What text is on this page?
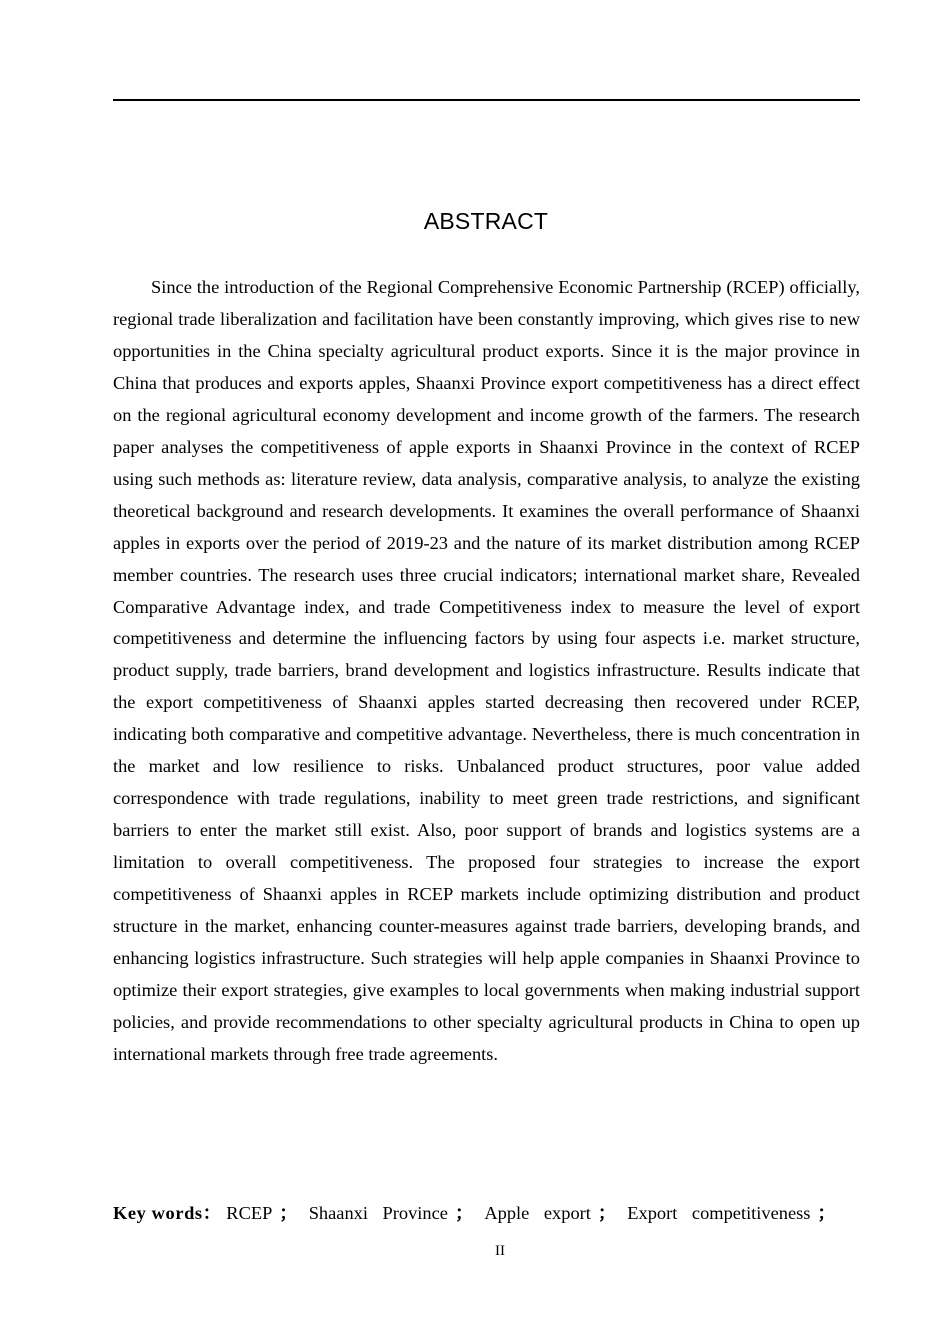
ABSTRACT

Since the introduction of the Regional Comprehensive Economic Partnership (RCEP) officially, regional trade liberalization and facilitation have been constantly improving, which gives rise to new opportunities in the China specialty agricultural product exports. Since it is the major province in China that produces and exports apples, Shaanxi Province export competitiveness has a direct effect on the regional agricultural economy development and income growth of the farmers. The research paper analyses the competitiveness of apple exports in Shaanxi Province in the context of RCEP using such methods as: literature review, data analysis, comparative analysis, to analyze the existing theoretical background and research developments. It examines the overall performance of Shaanxi apples in exports over the period of 2019-23 and the nature of its market distribution among RCEP member countries. The research uses three crucial indicators; international market share, Revealed Comparative Advantage index, and trade Competitiveness index to measure the level of export competitiveness and determine the influencing factors by using four aspects i.e. market structure, product supply, trade barriers, brand development and logistics infrastructure. Results indicate that the export competitiveness of Shaanxi apples started decreasing then recovered under RCEP, indicating both comparative and competitive advantage. Nevertheless, there is much concentration in the market and low resilience to risks. Unbalanced product structures, poor value added correspondence with trade regulations, inability to meet green trade restrictions, and significant barriers to enter the market still exist. Also, poor support of brands and logistics systems are a limitation to overall competitiveness. The proposed four strategies to increase the export competitiveness of Shaanxi apples in RCEP markets include optimizing distribution and product structure in the market, enhancing counter-measures against trade barriers, developing brands, and enhancing logistics infrastructure. Such strategies will help apple companies in Shaanxi Province to optimize their export strategies, give examples to local governments when making industrial support policies, and provide recommendations to other specialty agricultural products in China to open up international markets through free trade agreements.

Key words： RCEP ； Shaanxi Province ； Apple export ； Export competitiveness ；
II
